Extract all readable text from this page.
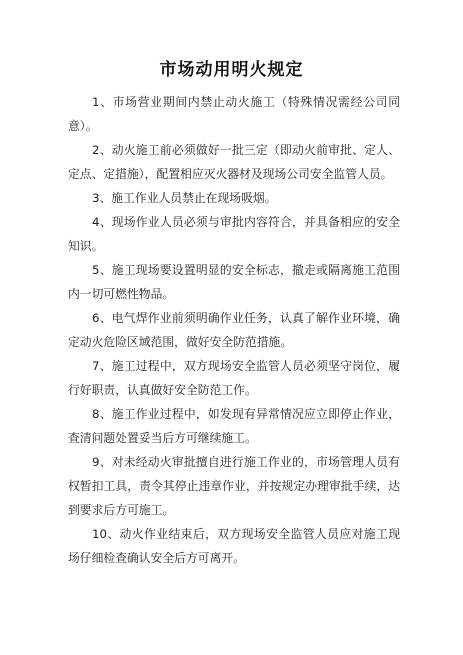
市场动用明火规定

1、市场营业期间内禁止动火施工（特殊情况需经公司同意）。

2、动火施工前必须做好一批三定（即动火前审批、定人、定点、定措施），配置相应灭火器材及现场公司安全监管人员。

3、施工作业人员禁止在现场吸烟。

4、现场作业人员必须与审批内容符合，并具备相应的安全知识。

5、施工现场要设置明显的安全标志，撤走或隔离施工范围内一切可燃性物品。

6、电气焊作业前须明确作业任务，认真了解作业环境，确定动火危险区域范围，做好安全防范措施。

7、施工过程中，双方现场安全监管人员必须坚守岗位，履行好职责，认真做好安全防范工作。

8、施工作业过程中，如发现有异常情况应立即停止作业，查清问题处置妥当后方可继续施工。

9、对未经动火审批擅自进行施工作业的，市场管理人员有权暂扣工具，责令其停止违章作业，并按规定办理审批手续，达到要求后方可施工。

10、动火作业结束后，双方现场安全监管人员应对施工现场仔细检查确认安全后方可离开。
